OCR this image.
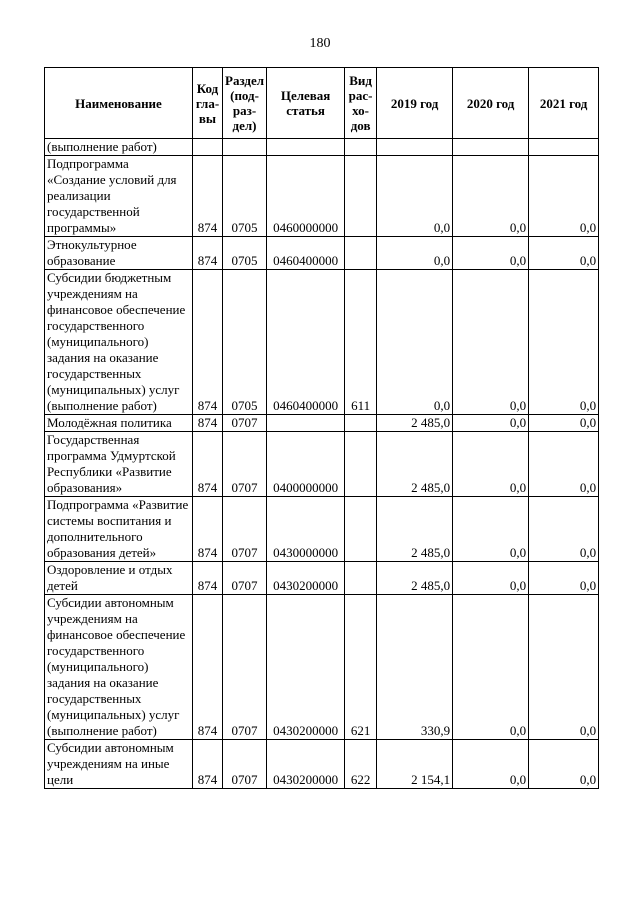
180
Наименование	Код гла- вы	Раздел (под- раз- дел)	Целевая статья	Вид рас- хо- дов	2019 год	2020 год	2021 год
(выполнение работ)							
Подпрограмма «Создание условий для реализации государственной программы»	874	0705	0460000000		0,0	0,0	0,0
Этнокультурное образование	874	0705	0460400000		0,0	0,0	0,0
Субсидии бюджетным учреждениям на финансовое обеспечение государственного (муниципального) задания на оказание государственных (муниципальных) услуг (выполнение работ)	874	0705	0460400000	611	0,0	0,0	0,0
Молодёжная политика	874	0707			2 485,0	0,0	0,0
Государственная программа Удмуртской Республики «Развитие образования»	874	0707	0400000000		2 485,0	0,0	0,0
Подпрограмма «Развитие системы воспитания и дополнительного образования детей»	874	0707	0430000000		2 485,0	0,0	0,0
Оздоровление и отдых детей	874	0707	0430200000		2 485,0	0,0	0,0
Субсидии автономным учреждениям на финансовое обеспечение государственного (муниципального) задания на оказание государственных (муниципальных) услуг (выполнение работ)	874	0707	0430200000	621	330,9	0,0	0,0
Субсидии автономным учреждениям на иные цели	874	0707	0430200000	622	2 154,1	0,0	0,0
